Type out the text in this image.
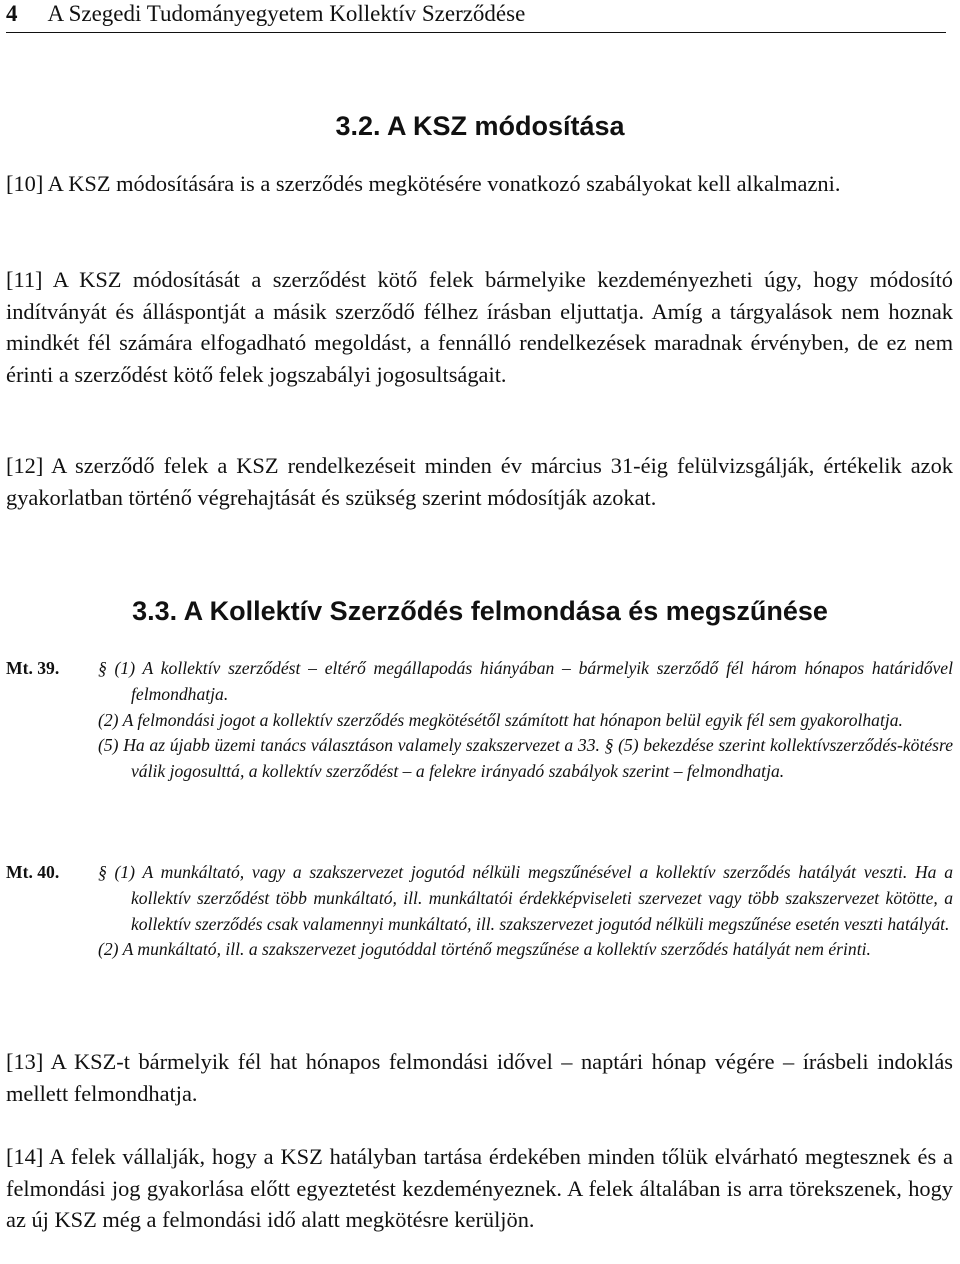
4 A Szegedi Tudományegyetem Kollektív Szerződése
3.2. A KSZ módosítása

[10] A KSZ módosítására is a szerződés megkötésére vonatkozó szabályokat kell alkalmazni.

[11] A KSZ módosítását a szerződést kötő felek bármelyike kezdeményezheti úgy, hogy módosító indítványát és álláspontját a másik szerződő félhez írásban eljuttatja. Amíg a tárgyalások nem hoznak mindkét fél számára elfogadható megoldást, a fennálló rendelkezések maradnak érvényben, de ez nem érinti a szerződést kötő felek jogszabályi jogosultságait.

[12] A szerződő felek a KSZ rendelkezéseit minden év március 31-éig felülvizsgálják, értékelik azok gyakorlatban történő végrehajtását és szükség szerint módosítják azokat.

3.3. A Kollektív Szerződés felmondása és megszűnése
Mt. 39.	§ (1) A kollektív szerződést – eltérő megállapodás hiányában – bármelyik szerződő fél három hónapos határidővel felmondhatja.

(2) A felmondási jogot a kollektív szerződés megkötésétől számított hat hónapon belül egyik fél sem gyakorolhatja.

(5) Ha az újabb üzemi tanács választáson valamely szakszervezet a 33. § (5) bekezdése szerint kollektívszerződés-kötésre válik jogosulttá, a kollektív szerződést – a felekre irányadó szabályok szerint – felmondhatja.

Mt. 40.	§ (1) A munkáltató, vagy a szakszervezet jogutód nélküli megszűnésével a kollektív szerződés hatályát veszti. Ha a kollektív szerződést több munkáltató, ill. munkáltatói érdekképviseleti szervezet vagy több szakszervezet kötötte, a kollektív szerződés csak valamennyi munkáltató, ill. szakszervezet jogutód nélküli megszűnése esetén veszti hatályát.

(2) A munkáltató, ill. a szakszervezet jogutóddal történő megszűnése a kollektív szerződés hatályát nem érinti.

[13] A KSZ-t bármelyik fél hat hónapos felmondási idővel – naptári hónap végére – írásbeli indoklás mellett felmondhatja.

[14] A felek vállalják, hogy a KSZ hatályban tartása érdekében minden tőlük elvárható megtesznek és a felmondási jog gyakorlása előtt egyeztetést kezdeményeznek. A felek általában is arra törekszenek, hogy az új KSZ még a felmondási idő alatt megkötésre kerüljön.
